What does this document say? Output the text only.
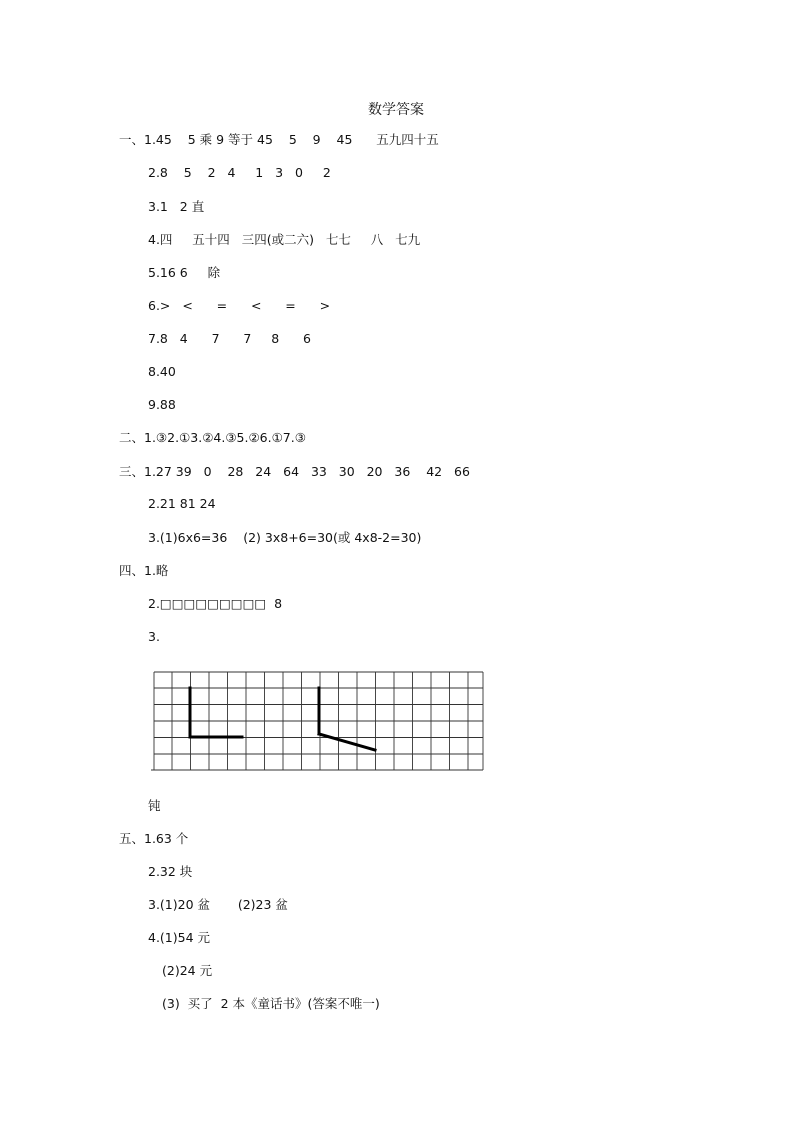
数学答案
一、1.45    5 乘 9 等于 45    5    9    45      五九四十五
2.8    5    2   4     1   3   0     2
3.1   2 直
4.四     五十四   三四(或二六)   七七     八   七九
5.16 6     除
6.>   <      =      <      =      >
7.8   4      7      7     8      6
8.40
9.88
二、1.③2.①3.②4.③5.②6.①7.③
三、1.27 39   0    28   24   64   33   30   20   36    42   66
2.21 81 24
3.(1)6x6=36    (2) 3x8+6=30(或 4x8-2=30)
四、1.略
2.□□□□□□□□□  8
3.
钝
五、1.63 个
2.32 块
3.(1)20 盆       (2)23 盆
4.(1)54 元
(2)24 元
(3)  买了  2 本《童话书》(答案不唯一)
